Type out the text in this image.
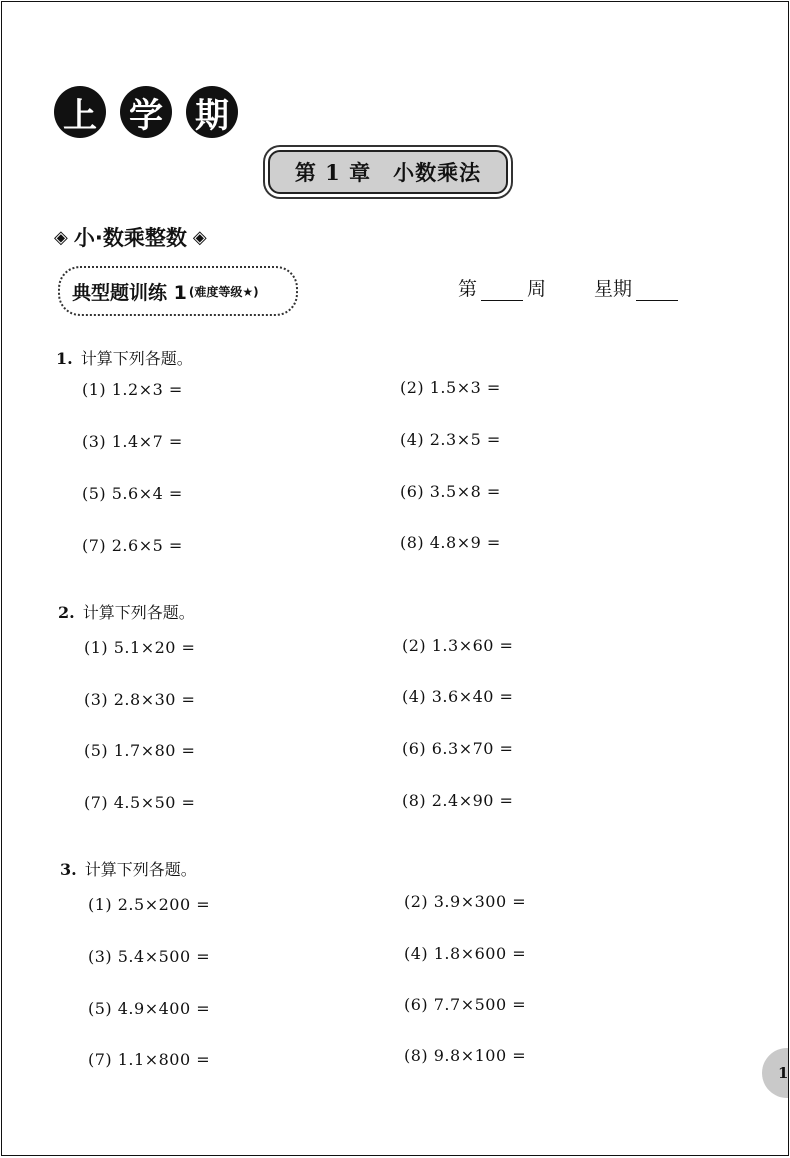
上 学 期
第 1 章　小数乘法
◈ 小·数乘整数 ◈
典型题训练 1 (难度等级★)	第	周	星期
1. 计算下列各题。
(1) 1.2×3 =	(2) 1.5×3 =
(3) 1.4×7 =	(4) 2.3×5 =
(5) 5.6×4 =	(6) 3.5×8 =
(7) 2.6×5 =	(8) 4.8×9 =
2. 计算下列各题。
(1) 5.1×20 =	(2) 1.3×60 =
(3) 2.8×30 =	(4) 3.6×40 =
(5) 1.7×80 =	(6) 6.3×70 =
(7) 4.5×50 =	(8) 2.4×90 =
3. 计算下列各题。
(1) 2.5×200 =	(2) 3.9×300 =
(3) 5.4×500 =	(4) 1.8×600 =
(5) 4.9×400 =	(6) 7.7×500 =
(7) 1.1×800 =	(8) 9.8×100 =
1
